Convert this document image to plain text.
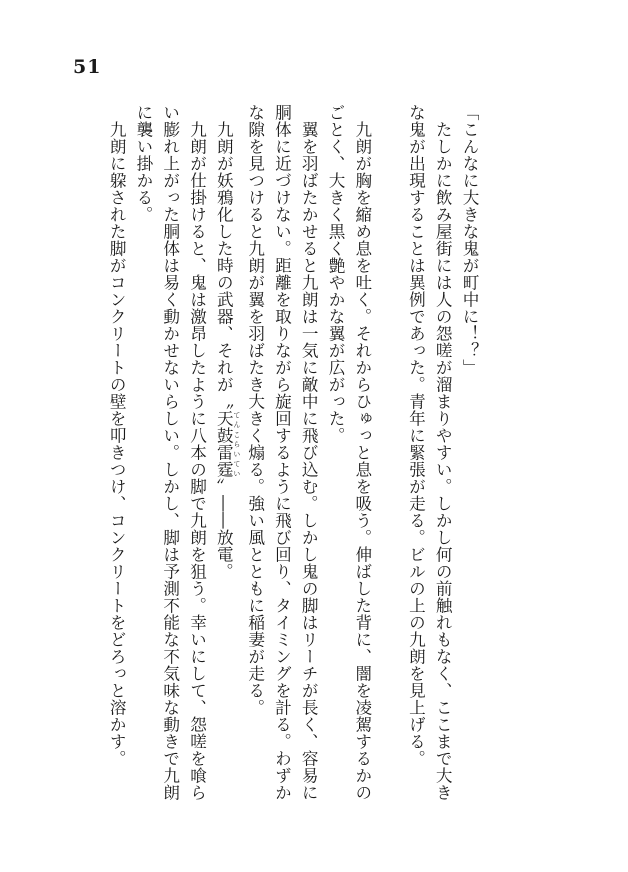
51

「こんなに大きな鬼が町中に！？」

たしかに飲み屋街には人の怨嗟が溜まりやすい。しかし何の前触れもなく、ここまで大きな鬼が出現することは異例であった。青年に緊張が走る。ビルの上の九朗を見上げる。

九朗が胸を縮め息を吐く。それからひゅっと息を吸う。伸ばした背に、闇を凌駕するかのごとく、大きく黒く艶やかな翼が広がった。

翼を羽ばたかせると九朗は一気に敵中に飛び込む。しかし鬼の脚はリーチが長く、容易に胴体に近づけない。距離を取りながら旋回するように飛び回り、タイミングを計る。わずかな隙を見つけると九朗が翼を羽ばたき大きく煽る。強い風とともに稲妻が走る。

九朗が妖鴉化した時の武器、それが〝天鼓雷霆 てんこらいてい〟――放電。

九朗が仕掛けると、鬼は激昂したように八本の脚で九朗を狙う。幸いにして、怨嗟を喰らい膨れ上がった胴体は易く動かせないらしい。しかし、脚は予測不能な不気味な動きで九朗に襲い掛かる。

九朗に躱された脚がコンクリートの壁を叩きつけ、コンクリートをどろっと溶かす。
